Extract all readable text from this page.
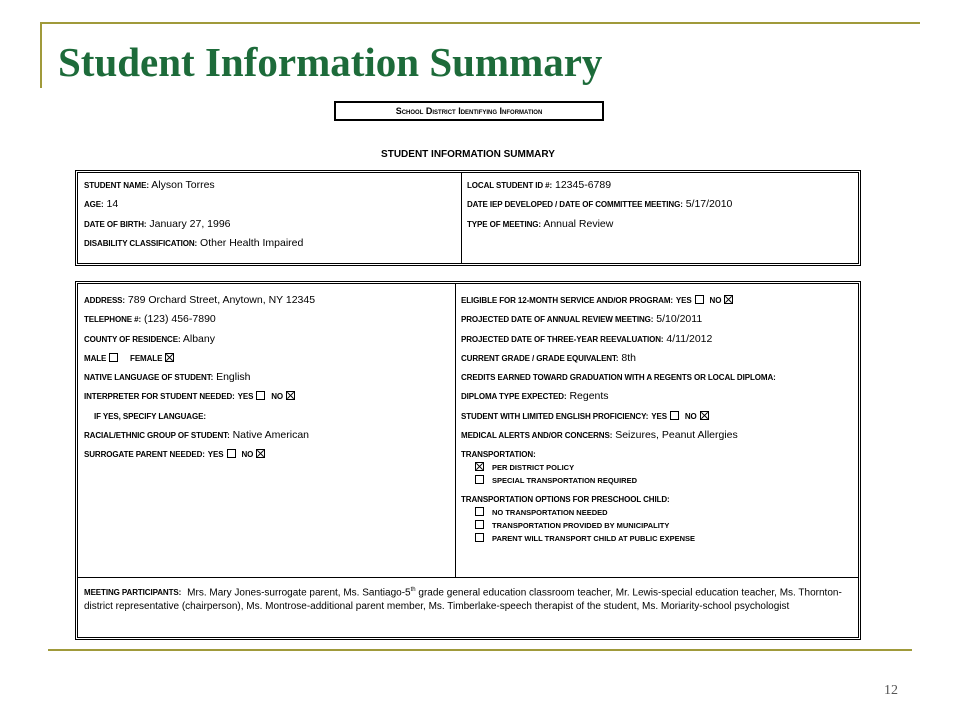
Student Information Summary
School District Identifying Information
STUDENT INFORMATION SUMMARY
STUDENT NAME: Alyson Torres
AGE: 14
DATE OF BIRTH: January 27, 1996
DISABILITY CLASSIFICATION: Other Health Impaired
LOCAL STUDENT ID #: 12345-6789
DATE IEP DEVELOPED / DATE OF COMMITTEE MEETING: 5/17/2010
TYPE OF MEETING: Annual Review
ADDRESS: 789 Orchard Street, Anytown, NY 12345
TELEPHONE #: (123) 456-7890
COUNTY OF RESIDENCE: Albany
MALE	FEMALE
NATIVE LANGUAGE OF STUDENT: English
INTERPRETER FOR STUDENT NEEDED: YES NO
IF YES, SPECIFY LANGUAGE:
RACIAL/ETHNIC GROUP OF STUDENT: Native American
SURROGATE PARENT NEEDED: YES NO
ELIGIBLE FOR 12-MONTH SERVICE AND/OR PROGRAM: YES NO
PROJECTED DATE OF ANNUAL REVIEW MEETING: 5/10/2011
PROJECTED DATE OF THREE-YEAR REEVALUATION: 4/11/2012
CURRENT GRADE / GRADE EQUIVALENT: 8th
CREDITS EARNED TOWARD GRADUATION WITH A REGENTS OR LOCAL DIPLOMA:
DIPLOMA TYPE EXPECTED: Regents
STUDENT WITH LIMITED ENGLISH PROFICIENCY: YES NO
MEDICAL ALERTS AND/OR CONCERNS: Seizures, Peanut Allergies
TRANSPORTATION:
PER DISTRICT POLICY
SPECIAL TRANSPORTATION REQUIRED
TRANSPORTATION OPTIONS FOR PRESCHOOL CHILD:
NO TRANSPORTATION NEEDED
TRANSPORTATION PROVIDED BY MUNICIPALITY
PARENT WILL TRANSPORT CHILD AT PUBLIC EXPENSE
MEETING PARTICIPANTS: Mrs. Mary Jones-surrogate parent, Ms. Santiago-5th grade general education classroom teacher, Mr. Lewis-special education teacher, Ms. Thornton-district representative (chairperson), Ms. Montrose-additional parent member, Ms. Timberlake-speech therapist of the student, Ms. Moriarity-school psychologist
12
